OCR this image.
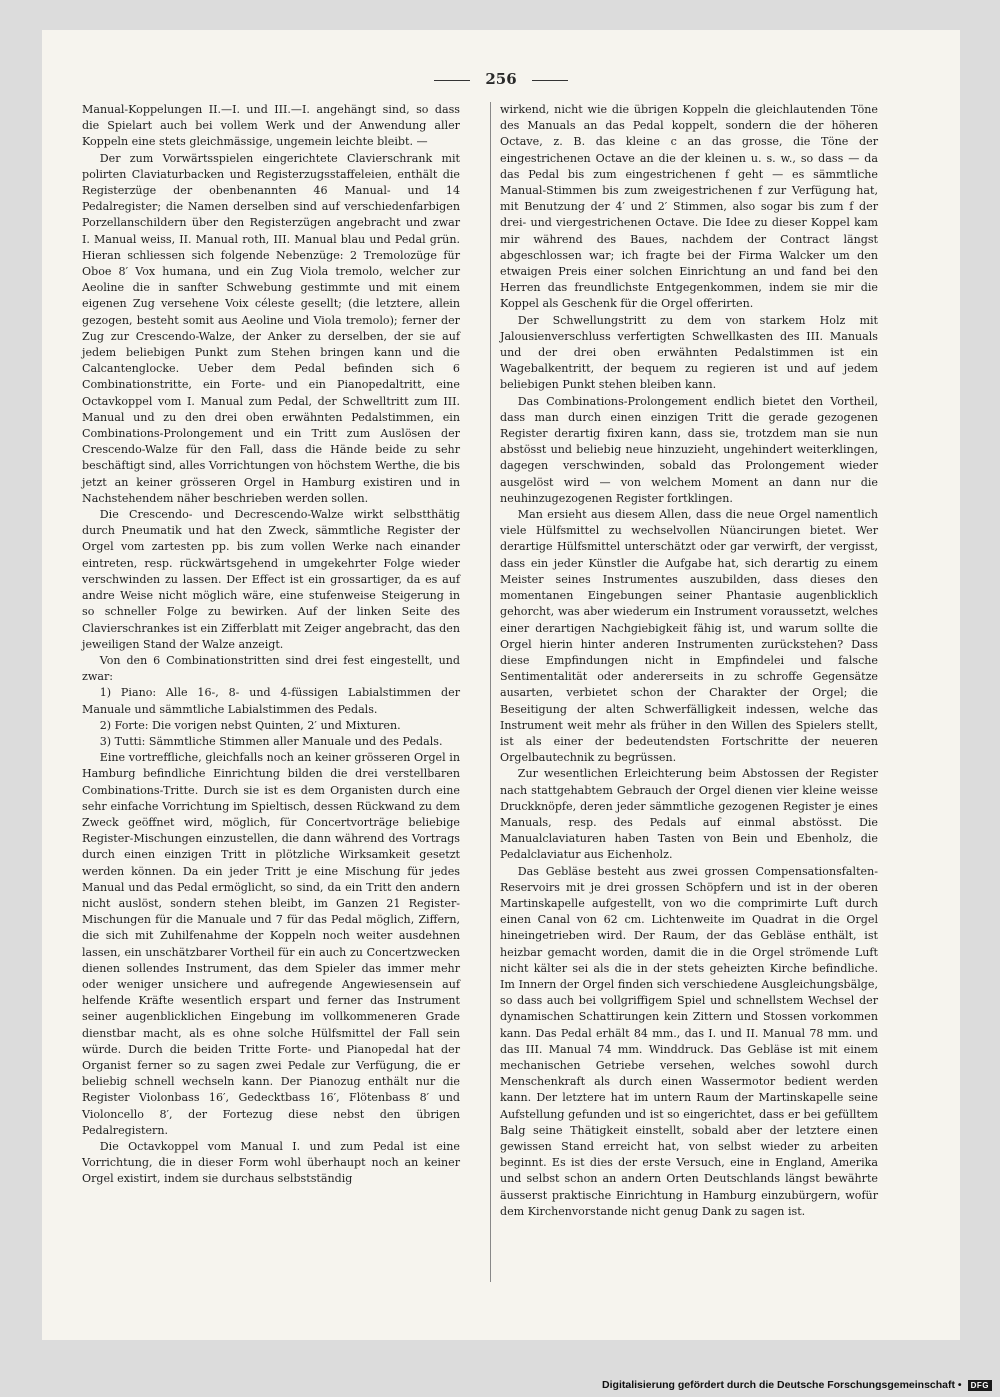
256

Manual-Koppelungen II.—I. und III.—I. angehängt sind, so dass die Spielart auch bei vollem Werk und der Anwendung aller Koppeln eine stets gleichmässige, ungemein leichte bleibt. —

Der zum Vorwärtsspielen eingerichtete Clavierschrank mit polirten Claviaturbacken und Registerzugsstaffeleien, enthält die Registerzüge der obenbenannten 46 Manual- und 14 Pedalregister; die Namen derselben sind auf verschiedenfarbigen Porzellanschildern über den Registerzügen angebracht und zwar I. Manual weiss, II. Manual roth, III. Manual blau und Pedal grün. Hieran schliessen sich folgende Nebenzüge: 2 Tremolozüge für Oboe 8′ Vox humana, und ein Zug Viola tremolo, welcher zur Aeoline die in sanfter Schwebung gestimmte und mit einem eigenen Zug versehene Voix céleste gesellt; (die letztere, allein gezogen, besteht somit aus Aeoline und Viola tremolo); ferner der Zug zur Crescendo-Walze, der Anker zu derselben, der sie auf jedem beliebigen Punkt zum Stehen bringen kann und die Calcantenglocke. Ueber dem Pedal befinden sich 6 Combinationstritte, ein Forte- und ein Pianopedaltritt, eine Octavkoppel vom I. Manual zum Pedal, der Schwelltritt zum III. Manual und zu den drei oben erwähnten Pedalstimmen, ein Combinations-Prolongement und ein Tritt zum Auslösen der Crescendo-Walze für den Fall, dass die Hände beide zu sehr beschäftigt sind, alles Vorrichtungen von höchstem Werthe, die bis jetzt an keiner grösseren Orgel in Hamburg existiren und in Nachstehendem näher beschrieben werden sollen.

Die Crescendo- und Decrescendo-Walze wirkt selbstthätig durch Pneumatik und hat den Zweck, sämmtliche Register der Orgel vom zartesten pp. bis zum vollen Werke nach einander eintreten, resp. rückwärtsgehend in umgekehrter Folge wieder verschwinden zu lassen. Der Effect ist ein grossartiger, da es auf andre Weise nicht möglich wäre, eine stufenweise Steigerung in so schneller Folge zu bewirken. Auf der linken Seite des Clavierschrankes ist ein Zifferblatt mit Zeiger angebracht, das den jeweiligen Stand der Walze anzeigt.

Von den 6 Combinationstritten sind drei fest eingestellt, und zwar:

1) Piano: Alle 16-, 8- und 4-füssigen Labialstimmen der Manuale und sämmtliche Labialstimmen des Pedals.

2) Forte: Die vorigen nebst Quinten, 2′ und Mixturen.

3) Tutti: Sämmtliche Stimmen aller Manuale und des Pedals.

Eine vortreffliche, gleichfalls noch an keiner grösseren Orgel in Hamburg befindliche Einrichtung bilden die drei verstellbaren Combinations-Tritte. Durch sie ist es dem Organisten durch eine sehr einfache Vorrichtung im Spieltisch, dessen Rückwand zu dem Zweck geöffnet wird, möglich, für Concertvorträge beliebige Register-Mischungen einzustellen, die dann während des Vortrags durch einen einzigen Tritt in plötzliche Wirksamkeit gesetzt werden können. Da ein jeder Tritt je eine Mischung für jedes Manual und das Pedal ermöglicht, so sind, da ein Tritt den andern nicht auslöst, sondern stehen bleibt, im Ganzen 21 Register-Mischungen für die Manuale und 7 für das Pedal möglich, Ziffern, die sich mit Zuhilfenahme der Koppeln noch weiter ausdehnen lassen, ein unschätzbarer Vortheil für ein auch zu Concertzwecken dienen sollendes Instrument, das dem Spieler das immer mehr oder weniger unsichere und aufregende Angewiesensein auf helfende Kräfte wesentlich erspart und ferner das Instrument seiner augenblicklichen Eingebung im vollkommeneren Grade dienstbar macht, als es ohne solche Hülfsmittel der Fall sein würde. Durch die beiden Tritte Forte- und Pianopedal hat der Organist ferner so zu sagen zwei Pedale zur Verfügung, die er beliebig schnell wechseln kann. Der Pianozug enthält nur die Register Violonbass 16′, Gedecktbass 16′, Flötenbass 8′ und Violoncello 8′, der Fortezug diese nebst den übrigen Pedalregistern.

Die Octavkoppel vom Manual I. und zum Pedal ist eine Vorrichtung, die in dieser Form wohl überhaupt noch an keiner Orgel existirt, indem sie durchaus selbstständig

wirkend, nicht wie die übrigen Koppeln die gleichlautenden Töne des Manuals an das Pedal koppelt, sondern die der höheren Octave, z. B. das kleine c an das grosse, die Töne der eingestrichenen Octave an die der kleinen u. s. w., so dass — da das Pedal bis zum eingestrichenen f geht — es sämmtliche Manual-Stimmen bis zum zweigestrichenen f zur Verfügung hat, mit Benutzung der 4′ und 2′ Stimmen, also sogar bis zum f der drei- und viergestrichenen Octave. Die Idee zu dieser Koppel kam mir während des Baues, nachdem der Contract längst abgeschlossen war; ich fragte bei der Firma Walcker um den etwaigen Preis einer solchen Einrichtung an und fand bei den Herren das freundlichste Entgegenkommen, indem sie mir die Koppel als Geschenk für die Orgel offerirten.

Der Schwellungstritt zu dem von starkem Holz mit Jalousienverschluss verfertigten Schwellkasten des III. Manuals und der drei oben erwähnten Pedalstimmen ist ein Wagebalkentritt, der bequem zu regieren ist und auf jedem beliebigen Punkt stehen bleiben kann.

Das Combinations-Prolongement endlich bietet den Vortheil, dass man durch einen einzigen Tritt die gerade gezogenen Register derartig fixiren kann, dass sie, trotzdem man sie nun abstösst und beliebig neue hinzuzieht, ungehindert weiterklingen, dagegen verschwinden, sobald das Prolongement wieder ausgelöst wird — von welchem Moment an dann nur die neuhinzugezogenen Register fortklingen.

Man ersieht aus diesem Allen, dass die neue Orgel namentlich viele Hülfsmittel zu wechselvollen Nüancirungen bietet. Wer derartige Hülfsmittel unterschätzt oder gar verwirft, der vergisst, dass ein jeder Künstler die Aufgabe hat, sich derartig zu einem Meister seines Instrumentes auszubilden, dass dieses den momentanen Eingebungen seiner Phantasie augenblicklich gehorcht, was aber wiederum ein Instrument voraussetzt, welches einer derartigen Nachgiebigkeit fähig ist, und warum sollte die Orgel hierin hinter anderen Instrumenten zurückstehen? Dass diese Empfindungen nicht in Empfindelei und falsche Sentimentalität oder andererseits in zu schroffe Gegensätze ausarten, verbietet schon der Charakter der Orgel; die Beseitigung der alten Schwerfälligkeit indessen, welche das Instrument weit mehr als früher in den Willen des Spielers stellt, ist als einer der bedeutendsten Fortschritte der neueren Orgelbautechnik zu begrüssen.

Zur wesentlichen Erleichterung beim Abstossen der Register nach stattgehabtem Gebrauch der Orgel dienen vier kleine weisse Druckknöpfe, deren jeder sämmtliche gezogenen Register je eines Manuals, resp. des Pedals auf einmal abstösst. Die Manualclaviaturen haben Tasten von Bein und Ebenholz, die Pedalclaviatur aus Eichenholz.

Das Gebläse besteht aus zwei grossen Compensationsfalten-Reservoirs mit je drei grossen Schöpfern und ist in der oberen Martinskapelle aufgestellt, von wo die comprimirte Luft durch einen Canal von 62 cm. Lichtenweite im Quadrat in die Orgel hineingetrieben wird. Der Raum, der das Gebläse enthält, ist heizbar gemacht worden, damit die in die Orgel strömende Luft nicht kälter sei als die in der stets geheizten Kirche befindliche. Im Innern der Orgel finden sich verschiedene Ausgleichungsbälge, so dass auch bei vollgriffigem Spiel und schnellstem Wechsel der dynamischen Schattirungen kein Zittern und Stossen vorkommen kann. Das Pedal erhält 84 mm., das I. und II. Manual 78 mm. und das III. Manual 74 mm. Winddruck. Das Gebläse ist mit einem mechanischen Getriebe versehen, welches sowohl durch Menschenkraft als durch einen Wassermotor bedient werden kann. Der letztere hat im untern Raum der Martinskapelle seine Aufstellung gefunden und ist so eingerichtet, dass er bei gefülltem Balg seine Thätigkeit einstellt, sobald aber der letztere einen gewissen Stand erreicht hat, von selbst wieder zu arbeiten beginnt. Es ist dies der erste Versuch, eine in England, Amerika und selbst schon an andern Orten Deutschlands längst bewährte äusserst praktische Einrichtung in Hamburg einzubürgern, wofür dem Kirchenvorstande nicht genug Dank zu sagen ist.

Digitalisierung gefördert durch die Deutsche Forschungsgemeinschaft •	DFG
